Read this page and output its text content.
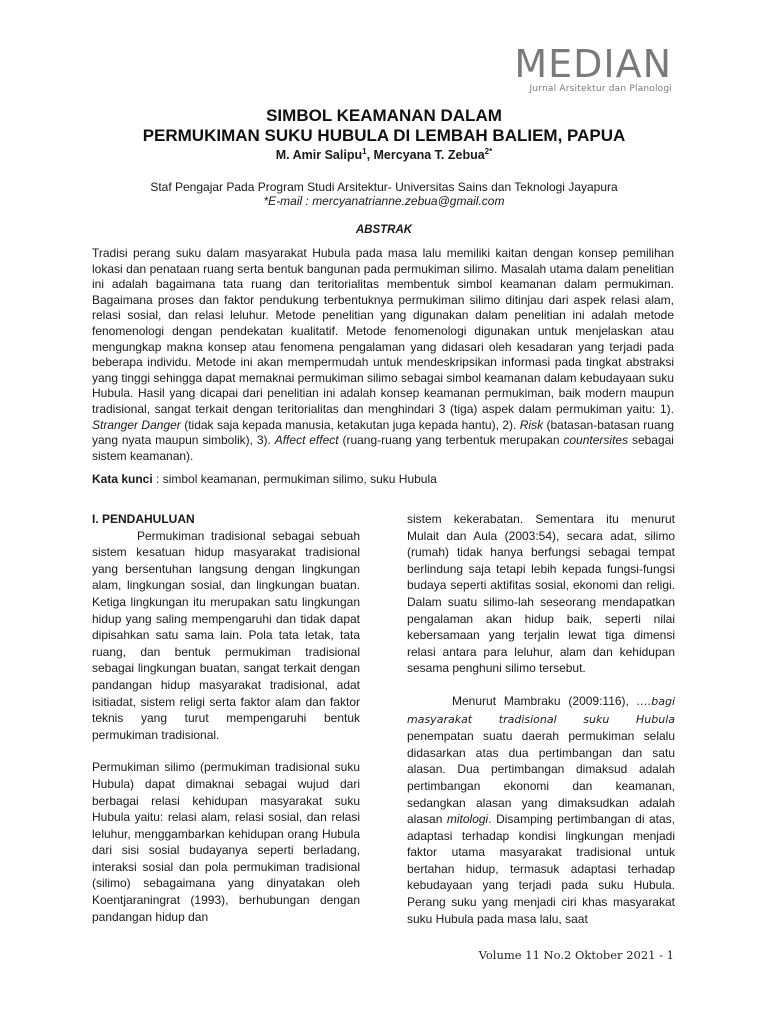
MEDIAN
Jurnal Arsitektur dan Planologi
SIMBOL KEAMANAN DALAM
PERMUKIMAN SUKU HUBULA DI LEMBAH BALIEM, PAPUA
M. Amir Salipu$^1$, Mercyana T. Zebua$^{2*}$
Staf Pengajar Pada Program Studi Arsitektur- Universitas Sains dan Teknologi Jayapura
*E-mail : mercyanatrianne.zebua@gmail.com
ABSTRAK
Tradisi perang suku dalam masyarakat Hubula pada masa lalu memiliki kaitan dengan konsep pemilihan lokasi dan penataan ruang serta bentuk bangunan pada permukiman silimo. Masalah utama dalam penelitian ini adalah bagaimana tata ruang dan teritorialitas membentuk simbol keamanan dalam permukiman. Bagaimana proses dan faktor pendukung terbentuknya permukiman silimo ditinjau dari aspek relasi alam, relasi sosial, dan relasi leluhur. Metode penelitian yang digunakan dalam penelitian ini adalah metode fenomenologi dengan pendekatan kualitatif. Metode fenomenologi digunakan untuk menjelaskan atau mengungkap makna konsep atau fenomena pengalaman yang didasari oleh kesadaran yang terjadi pada beberapa individu. Metode ini akan mempermudah untuk mendeskripsikan informasi pada tingkat abstraksi yang tinggi sehingga dapat memaknai permukiman silimo sebagai simbol keamanan dalam kebudayaan suku Hubula. Hasil yang dicapai dari penelitian ini adalah konsep keamanan permukiman, baik modern maupun tradisional, sangat terkait dengan teritorialitas dan menghindari 3 (tiga) aspek dalam permukiman yaitu: 1). Stranger Danger (tidak saja kepada manusia, ketakutan juga kepada hantu), 2). Risk (batasan-batasan ruang yang nyata maupun simbolik), 3). Affect effect (ruang-ruang yang terbentuk merupakan countersites sebagai sistem keamanan).
Kata kunci : simbol keamanan, permukiman silimo, suku Hubula
I. PENDAHULUAN

Permukiman tradisional sebagai sebuah sistem kesatuan hidup masyarakat tradisional yang bersentuhan langsung dengan lingkungan alam, lingkungan sosial, dan lingkungan buatan. Ketiga lingkungan itu merupakan satu lingkungan hidup yang saling mempengaruhi dan tidak dapat dipisahkan satu sama lain. Pola tata letak, tata ruang, dan bentuk permukiman tradisional sebagai lingkungan buatan, sangat terkait dengan pandangan hidup masyarakat tradisional, adat isitiadat, sistem religi serta faktor alam dan faktor teknis yang turut mempengaruhi bentuk permukiman tradisional.

Permukiman silimo (permukiman tradisional suku Hubula) dapat dimaknai sebagai wujud dari berbagai relasi kehidupan masyarakat suku Hubula yaitu: relasi alam, relasi sosial, dan relasi leluhur, menggambarkan kehidupan orang Hubula dari sisi sosial budayanya seperti berladang, interaksi sosial dan pola permukiman tradisional (silimo) sebagaimana yang dinyatakan oleh Koentjaraningrat (1993), berhubungan dengan pandangan hidup dan

sistem kekerabatan. Sementara itu menurut Mulait dan Aula (2003:54), secara adat, silimo (rumah) tidak hanya berfungsi sebagai tempat berlindung saja tetapi lebih kepada fungsi-fungsi budaya seperti aktifitas sosial, ekonomi dan religi. Dalam suatu silimo-lah seseorang mendapatkan pengalaman akan hidup baik, seperti nilai kebersamaan yang terjalin lewat tiga dimensi relasi antara para leluhur, alam dan kehidupan sesama penghuni silimo tersebut.

Menurut Mambraku (2009:116), ….bagi masyarakat tradisional suku Hubula penempatan suatu daerah permukiman selalu didasarkan atas dua pertimbangan dan satu alasan. Dua pertimbangan dimaksud adalah pertimbangan ekonomi dan keamanan, sedangkan alasan yang dimaksudkan adalah alasan mitologi. Disamping pertimbangan di atas, adaptasi terhadap kondisi lingkungan menjadi faktor utama masyarakat tradisional untuk bertahan hidup, termasuk adaptasi terhadap kebudayaan yang terjadi pada suku Hubula. Perang suku yang menjadi ciri khas masyarakat suku Hubula pada masa lalu, saat

Volume 11 No.2 Oktober 2021 - 1
